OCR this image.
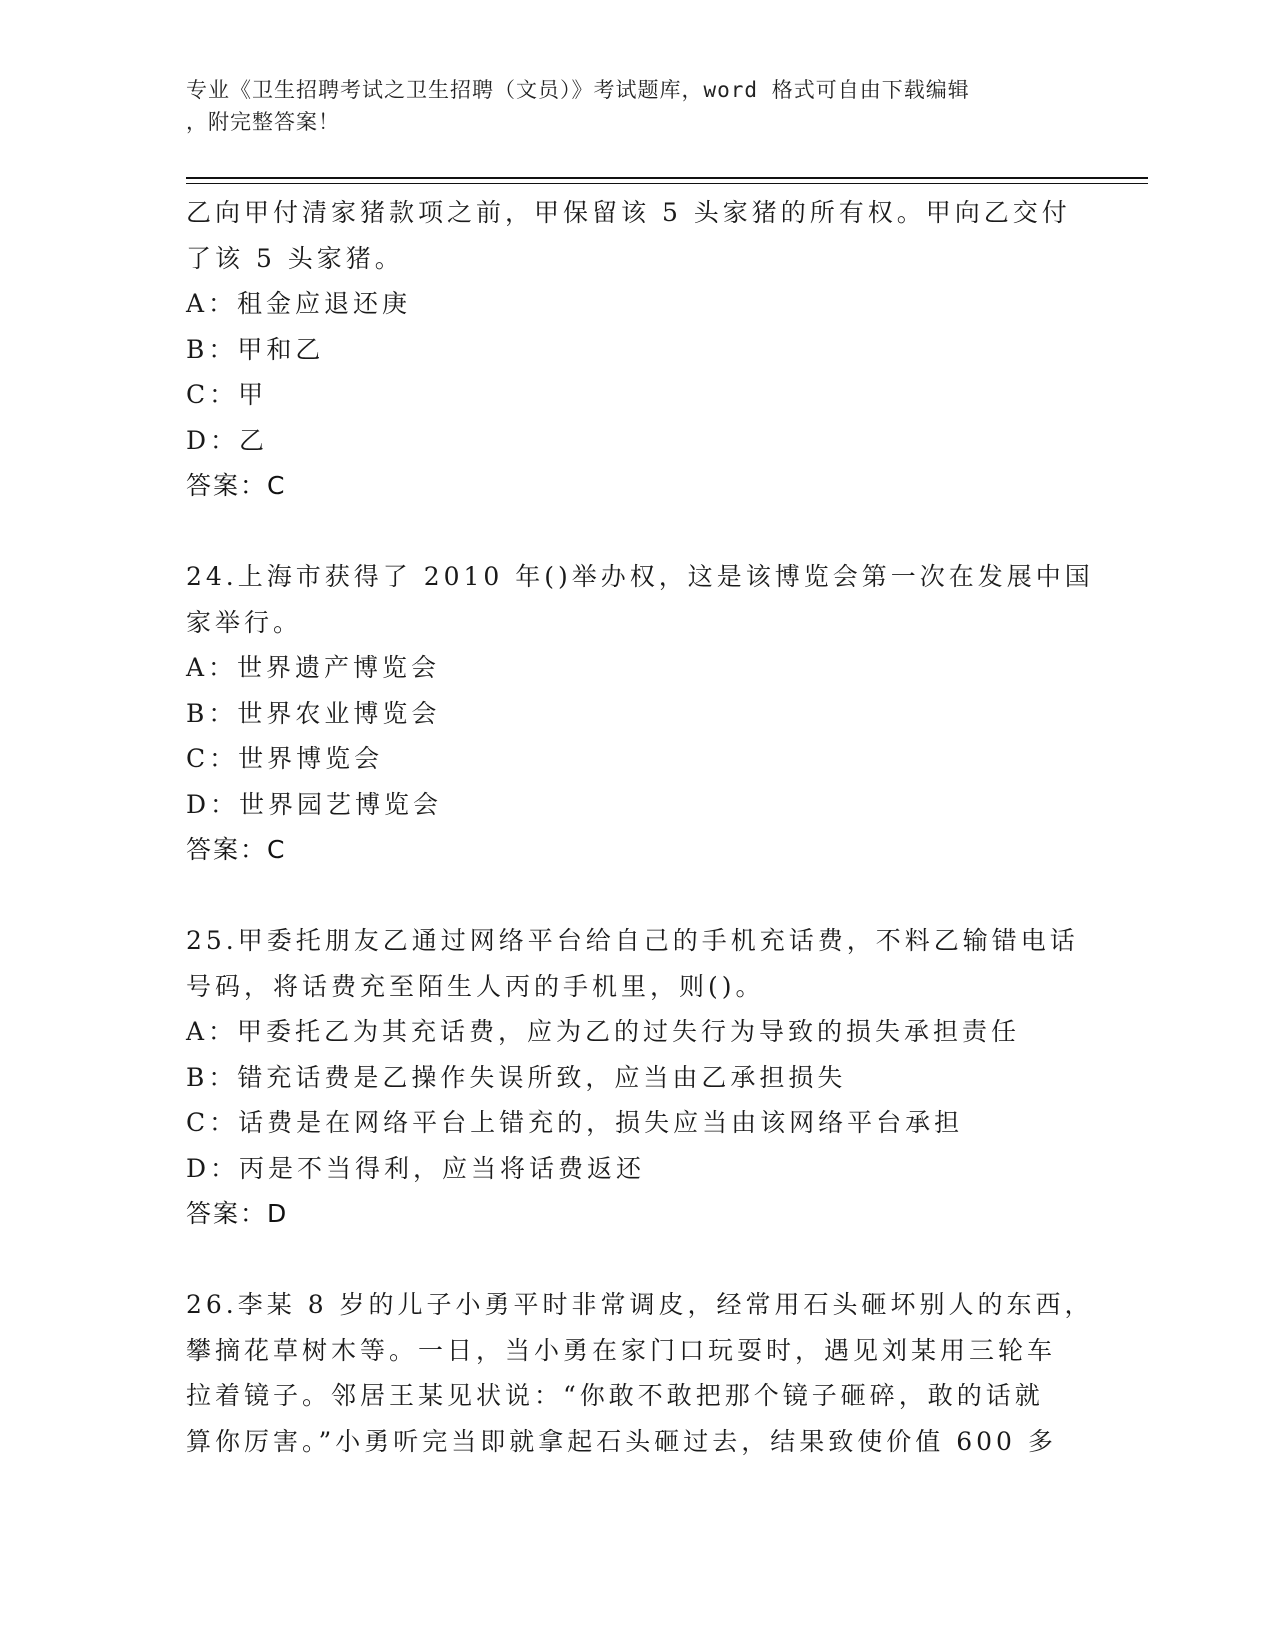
专业《卫生招聘考试之卫生招聘（文员）》考试题库，word 格式可自由下载编辑
，附完整答案！
乙向甲付清家猪款项之前，甲保留该 5 头家猪的所有权。甲向乙交付
了该 5 头家猪。
A：租金应退还庚
B：甲和乙
C：甲
D：乙
答案：C
24.上海市获得了 2010 年()举办权，这是该博览会第一次在发展中国
家举行。
A：世界遗产博览会
B：世界农业博览会
C：世界博览会
D：世界园艺博览会
答案：C
25.甲委托朋友乙通过网络平台给自己的手机充话费，不料乙输错电话
号码，将话费充至陌生人丙的手机里，则()。
A：甲委托乙为其充话费，应为乙的过失行为导致的损失承担责任
B：错充话费是乙操作失误所致，应当由乙承担损失
C：话费是在网络平台上错充的，损失应当由该网络平台承担
D：丙是不当得利，应当将话费返还
答案：D
26.李某 8 岁的儿子小勇平时非常调皮，经常用石头砸坏别人的东西，
攀摘花草树木等。一日，当小勇在家门口玩耍时，遇见刘某用三轮车
拉着镜子。邻居王某见状说：“你敢不敢把那个镜子砸碎，敢的话就
算你厉害。”小勇听完当即就拿起石头砸过去，结果致使价值 600 多
